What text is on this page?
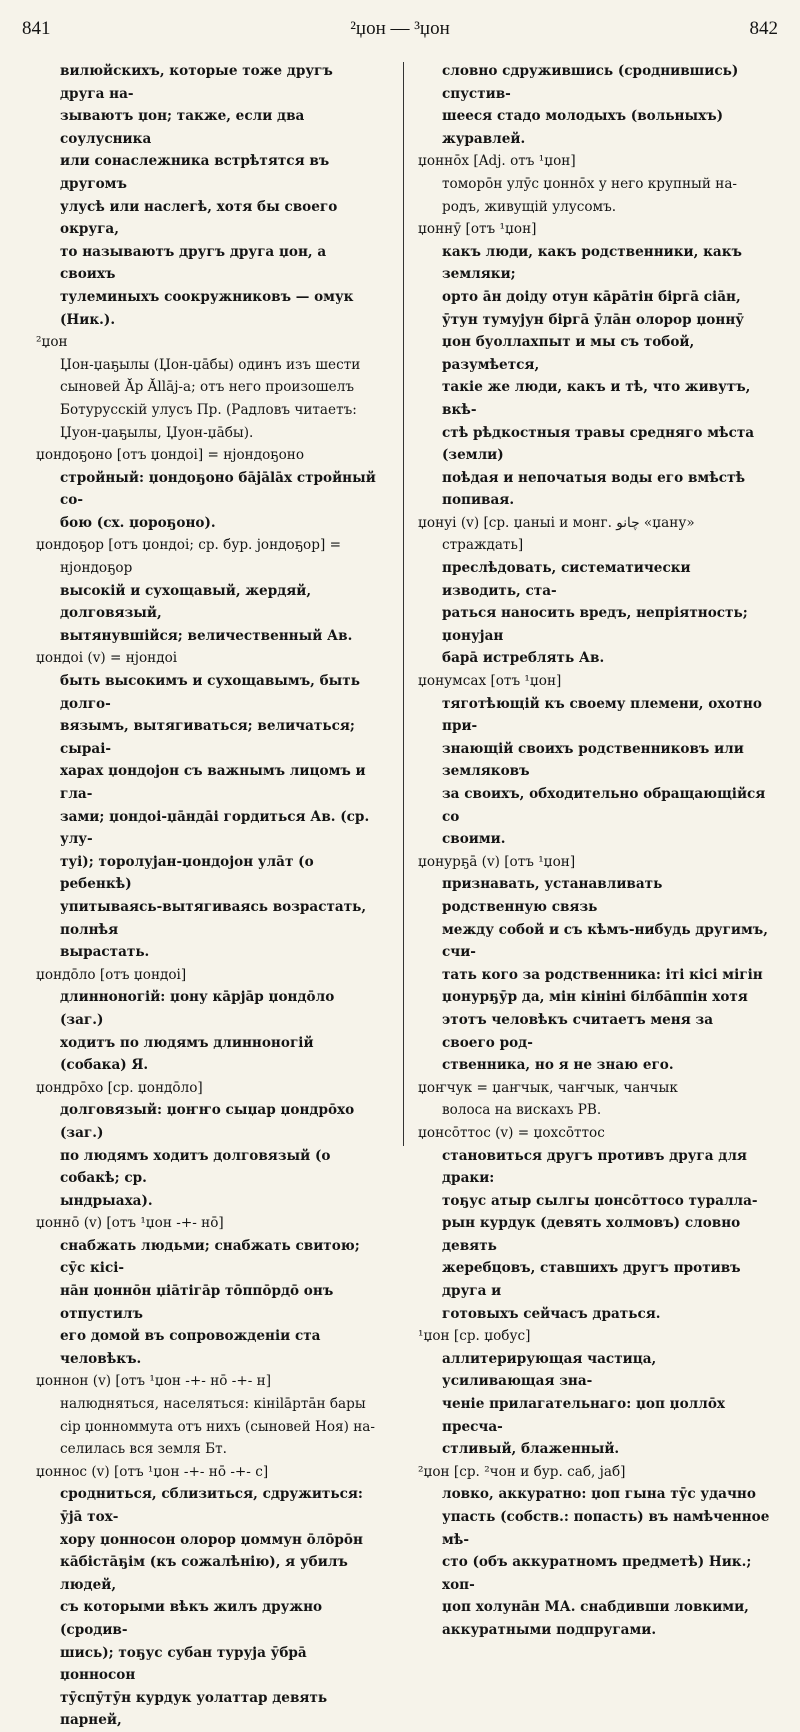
841	²џон — ³џон	842
вилюйскихъ, которые тоже другъ друга на-
зываютъ џон; также, если два соулусника
или сонаслежника встрѣтятся въ другомъ
улусѣ или наслегѣ, хотя бы своего округа,
то называютъ другъ друга џон, а своихъ
тулеминыхъ соокружниковъ — омук (Ник.).
²џон
Џон-џаҕылы (Џон-џāбы) одинъ изъ шести
сыновей Ăр Ăllāj-а; отъ него произошелъ
Ботуруссĸій улусъ Пр. (Радловъ читаетъ:
Џуон-џаҕылы, Џуон-џāбы).
џондоҕоно [отъ џондоі] = нјондоҕоно
стройный: џондоҕоно бāјālāх стройный со-
бою (сх. џороҕоно).
џондоҕор [отъ џондоі; ср. бур. јондоҕор] =
нјондоҕор
высокій и сухощавый, жердяй, долговязый,
вытянувшійся; величественный Ав.
џондоі (v) = нјондоі
быть высокимъ и сухощавымъ, быть долго-
вязымъ, вытягиваться; величаться; сыраі-
харах џондоjон съ важнымъ лицомъ и гла-
зами; џондоі-џāндāі гордиться Ав. (ср. улу-
туі); торолуjан-џондоjон улāт (о ребенкѣ)
упитываясь-вытягиваясь возрастать, полнѣя
вырастать.
џондōло [отъ џондоі]
длинноногій: џону кāрjāр џондōло (заг.)
ходитъ по людямъ длинноногій (собака) Я.
џондрōхо [ср. џондōло]
долговязый: џоҥҥо сыџар џондрōхо (заг.)
по людямъ ходитъ долговязый (о собакѣ; ср.
ындрыаха).
џоннō (v) [отъ ¹џон -+- нō]
снабжать людьми; снабжать свитою; сӯс кісі-
нāн џоннōн џіāтігāр тōппōрдō онъ отпустилъ
его домой въ сопровожденіи ста человѣкъ.
џоннон (v) [отъ ¹џон -+- нō -+- н]
налюдняться, населяться: кініlāртāн бары
сір џонноммута отъ нихъ (сыновей Ноя) на-
селилась вся земля Бт.
џоннос (v) [отъ ¹џон -+- нō -+- с]
сродниться, сблизиться, сдружиться: ӯjā тох-
хору џонносон олорор џоммун ōлōрōн
кāбістāҕім (къ сожалѣнію), я убилъ людей,
съ которыми вѣкъ жилъ дружно (сродив-
шись); тоҕус субан туруjа ӯбрā џонносон
тӯспӯтӯн курдук уолаттар девять парней,
словно сдружившись (сроднившись) спустив-
шееся стадо молодыхъ (вольныхъ) журавлей.
џоннōх [Adj. отъ ¹џон]
томорōн улӯс џоннōх у него крупный на-
родъ, живущій улусомъ.
џоннӯ [отъ ¹џон]
какъ люди, какъ родственники, какъ земляки;
орто āн доіду отун кāрāтін біргā сіāн,
ӯтун тумуjун біргā ӯлāн олорор џоннӯ
џон буоллахпыт и мы съ тобой, разумѣется,
такіе же люди, какъ и тѣ, что живутъ, вкѣ-
стѣ рѣдкостныя травы средняго мѣста (земли)
поѣдая и непочатыя воды его вмѣстѣ попивая.
џонуі (v) [ср. џаныі и монг. ﭼﺎﻧﻮ «џану»
страждать]
преслѣдовать, систематически изводить, ста-
раться наносить вредъ, непріятность; џонуjан
барā истреблять Ав.
џонумсах [отъ ¹џон]
тяготѣющій къ своему племени, охотно при-
знающій своихъ родственниковъ или земляковъ
за своихъ, обходительно обращающійся со
своими.
џонурҕā (v) [отъ ¹џон]
признавать, устанавливать родственную связь
между собой и съ кѣмъ-нибудь другимъ, счи-
тать кого за родственника: іті кісі мігін
џонурҕӯр да, мін кініні бiлбāппін хотя
этотъ человѣкъ считаетъ меня за своего род-
ственника, но я не знаю его.
џоҥчук = џаҥчык, чаҥчык, чанчык
волоса на вискахъ РВ.
џонсōттос (v) = џохсōттос
становиться другъ противъ друга для драки:
тоҕус атыр сылгы џонсōттосо туралла-
рын курдук (девять холмовъ) словно девять
жеребцовъ, ставшихъ другъ противъ друга и
готовыхъ сейчасъ драться.
¹џон [ср. џобус]
аллитерирующая частица, усиливающая зна-
ченіе прилагательнаго: џоп џоллōх пресча-
стливый, блаженный.
²џон [ср. ²чон и бур. саб, јаб]
ловко, аккуратно: џоп гына тӯс удачно
упасть (собств.: попасть) въ намѣченное мѣ-
сто (объ аккуратномъ предметѣ) Ник.; хоп-
џоп холунāн МА. снабдивши ловкими,
аккуратными подпругами.
